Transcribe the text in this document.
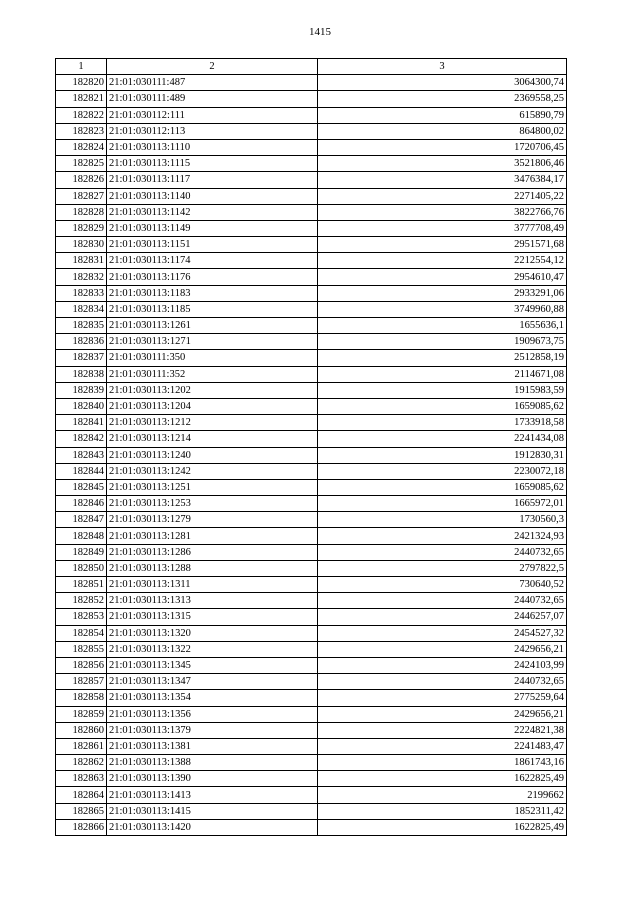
1415
1	2	3
182820	21:01:030111:487	3064300,74
182821	21:01:030111:489	2369558,25
182822	21:01:030112:111	615890,79
182823	21:01:030112:113	864800,02
182824	21:01:030113:1110	1720706,45
182825	21:01:030113:1115	3521806,46
182826	21:01:030113:1117	3476384,17
182827	21:01:030113:1140	2271405,22
182828	21:01:030113:1142	3822766,76
182829	21:01:030113:1149	3777708,49
182830	21:01:030113:1151	2951571,68
182831	21:01:030113:1174	2212554,12
182832	21:01:030113:1176	2954610,47
182833	21:01:030113:1183	2933291,06
182834	21:01:030113:1185	3749960,88
182835	21:01:030113:1261	1655636,1
182836	21:01:030113:1271	1909673,75
182837	21:01:030111:350	2512858,19
182838	21:01:030111:352	2114671,08
182839	21:01:030113:1202	1915983,59
182840	21:01:030113:1204	1659085,62
182841	21:01:030113:1212	1733918,58
182842	21:01:030113:1214	2241434,08
182843	21:01:030113:1240	1912830,31
182844	21:01:030113:1242	2230072,18
182845	21:01:030113:1251	1659085,62
182846	21:01:030113:1253	1665972,01
182847	21:01:030113:1279	1730560,3
182848	21:01:030113:1281	2421324,93
182849	21:01:030113:1286	2440732,65
182850	21:01:030113:1288	2797822,5
182851	21:01:030113:1311	730640,52
182852	21:01:030113:1313	2440732,65
182853	21:01:030113:1315	2446257,07
182854	21:01:030113:1320	2454527,32
182855	21:01:030113:1322	2429656,21
182856	21:01:030113:1345	2424103,99
182857	21:01:030113:1347	2440732,65
182858	21:01:030113:1354	2775259,64
182859	21:01:030113:1356	2429656,21
182860	21:01:030113:1379	2224821,38
182861	21:01:030113:1381	2241483,47
182862	21:01:030113:1388	1861743,16
182863	21:01:030113:1390	1622825,49
182864	21:01:030113:1413	2199662
182865	21:01:030113:1415	1852311,42
182866	21:01:030113:1420	1622825,49
